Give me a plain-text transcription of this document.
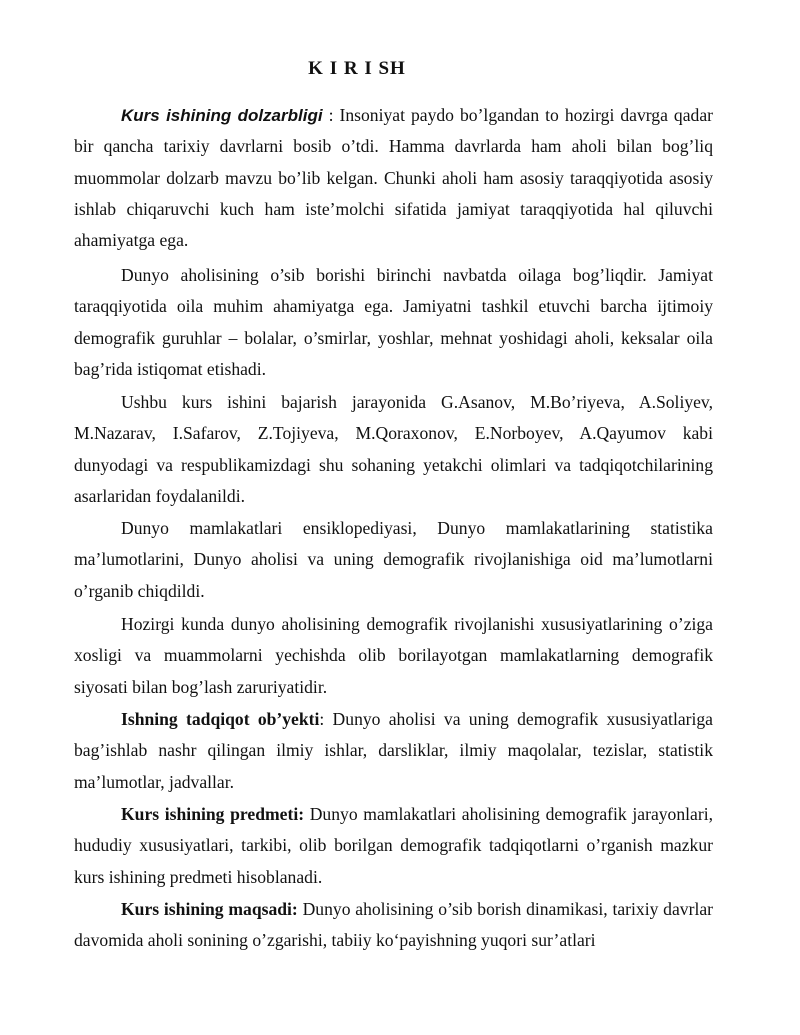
K I R I SH

Kurs ishining dolzarbligi : Insoniyat paydo bo’lgandan to hozirgi davrga qadar bir qancha tarixiy davrlarni bosib o’tdi. Hamma davrlarda ham aholi bilan bog’liq muommolar dolzarb mavzu bo’lib kelgan. Chunki aholi ham asosiy taraqqiyotida asosiy ishlab chiqaruvchi kuch ham iste’molchi sifatida jamiyat taraqqiyotida hal qiluvchi ahamiyatga ega.

Dunyo aholisining o’sib borishi birinchi navbatda oilaga bog’liqdir. Jamiyat taraqqiyotida oila muhim ahamiyatga ega. Jamiyatni tashkil etuvchi barcha ijtimoiy demografik guruhlar – bolalar, o’smirlar, yoshlar, mehnat yoshidagi aholi, keksalar oila bag’rida istiqomat etishadi.

Ushbu kurs ishini bajarish jarayonida G.Asanov, M.Bo’riyeva, A.Soliyev, M.Nazarav, I.Safarov, Z.Tojiyeva, M.Qoraxonov, E.Norboyev, A.Qayumov kabi dunyodagi va respublikamizdagi shu sohaning yetakchi olimlari va tadqiqotchilarining asarlaridan foydalanildi.

Dunyo mamlakatlari ensiklopediyasi, Dunyo mamlakatlarining statistika ma’lumotlarini, Dunyo aholisi va uning demografik rivojlanishiga oid ma’lumotlarni o’rganib chiqdildi.

Hozirgi kunda dunyo aholisining demografik rivojlanishi xususiyatlarining o’ziga xosligi va muammolarni yechishda olib borilayotgan mamlakatlarning demografik siyosati bilan bog’lash zaruriyatidir.

Ishning tadqiqot ob’yekti: Dunyo aholisi va uning demografik xususiyatlariga bag’ishlab nashr qilingan ilmiy ishlar, darsliklar, ilmiy maqolalar, tezislar, statistik ma’lumotlar, jadvallar.

Kurs ishining predmeti: Dunyo mamlakatlari aholisining demografik jarayonlari, hududiy xususiyatlari, tarkibi, olib borilgan demografik tadqiqotlarni o’rganish mazkur kurs ishining predmeti hisoblanadi.

Kurs ishining maqsadi: Dunyo aholisining o’sib borish dinamikasi, tarixiy davrlar davomida aholi sonining o’zgarishi, tabiiy ko‘payishning yuqori sur’atlari
